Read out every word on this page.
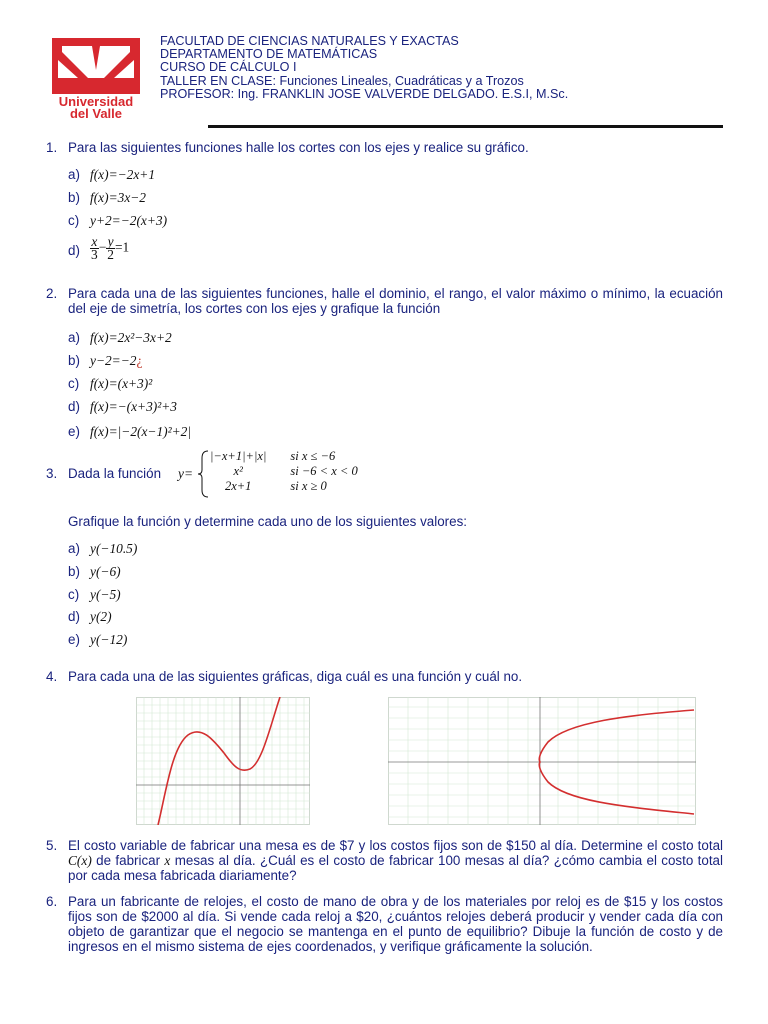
Universidad
del Valle
FACULTAD DE CIENCIAS NATURALES Y EXACTAS
DEPARTAMENTO DE MATEMÁTICAS
CURSO DE CÁLCULO I
TALLER EN CLASE: Funciones Lineales, Cuadráticas y a Trozos
PROFESOR: Ing. FRANKLIN JOSE VALVERDE DELGADO. E.S.I, M.Sc.
1. Para las siguientes funciones halle los cortes con los ejes y realice su gráfico.
a) f(x)=−2x+1
b) f(x)=3x−2
c) y+2=−2(x+3)
$d) \frac{x}{3} - \frac{y}{2} =1$
2. Para cada una de las siguientes funciones, halle el dominio, el rango, el valor máximo o mínimo, la ecuación del eje de simetría, los cortes con los ejes y grafique la función
a) f(x)=2x²−3x+2
b) y−2=−2¿
c) f(x)=(x+3)²
d) f(x)=−(x+3)²+3
e) f(x)=|−2(x−1)²+2|
3. Dada la función	y=
|−x+1|+|x|	si x ≤ −6
x²	si −6 < x < 0
2x+1	si x ≥ 0
Grafique la función y determine cada uno de los siguientes valores:
a) y(−10.5)
b) y(−6)
c) y(−5)
d) y(2)
e) y(−12)
4. Para cada una de las siguientes gráficas, diga cuál es una función y cuál no.
5. El costo variable de fabricar una mesa es de $7 y los costos fijos son de $150 al día. Determine el costo total C(x) de fabricar x mesas al día. ¿Cuál es el costo de fabricar 100 mesas al día? ¿cómo cambia el costo total por cada mesa fabricada diariamente?
6. Para un fabricante de relojes, el costo de mano de obra y de los materiales por reloj es de $15 y los costos fijos son de $2000 al día. Si vende cada reloj a $20, ¿cuántos relojes deberá producir y vender cada día con objeto de garantizar que el negocio se mantenga en el punto de equilibrio? Dibuje la función de costo y de ingresos en el mismo sistema de ejes coordenados, y verifique gráficamente la solución.
